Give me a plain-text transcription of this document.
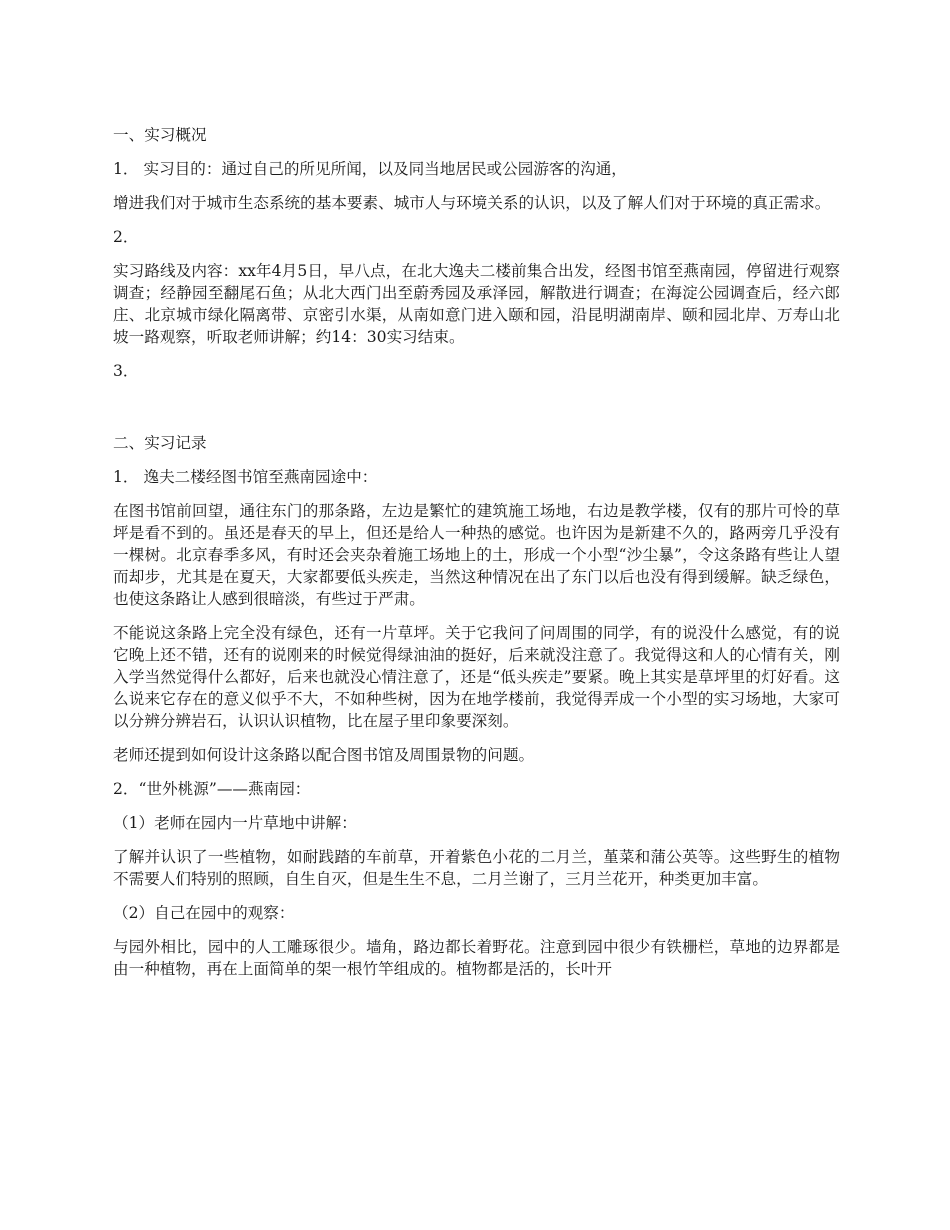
一、实习概况

1． 实习目的：通过自己的所见所闻，以及同当地居民或公园游客的沟通，

增进我们对于城市生态系统的基本要素、城市人与环境关系的认识，以及了解人们对于环境的真正需求。

2．

实习路线及内容：xx年4月5日，早八点，在北大逸夫二楼前集合出发，经图书馆至燕南园，停留进行观察调查；经静园至翻尾石鱼；从北大西门出至蔚秀园及承泽园，解散进行调查；在海淀公园调查后，经六郎庄、北京城市绿化隔离带、京密引水渠，从南如意门进入颐和园，沿昆明湖南岸、颐和园北岸、万寿山北坡一路观察，听取老师讲解；约14：30实习结束。

3．

二、实习记录

1． 逸夫二楼经图书馆至燕南园途中：

在图书馆前回望，通往东门的那条路，左边是繁忙的建筑施工场地，右边是教学楼，仅有的那片可怜的草坪是看不到的。虽还是春天的早上，但还是给人一种热的感觉。也许因为是新建不久的，路两旁几乎没有一棵树。北京春季多风，有时还会夹杂着施工场地上的土，形成一个小型“沙尘暴”，令这条路有些让人望而却步，尤其是在夏天，大家都要低头疾走，当然这种情况在出了东门以后也没有得到缓解。缺乏绿色，也使这条路让人感到很暗淡，有些过于严肃。

不能说这条路上完全没有绿色，还有一片草坪。关于它我问了问周围的同学，有的说没什么感觉，有的说它晚上还不错，还有的说刚来的时候觉得绿油油的挺好，后来就没注意了。我觉得这和人的心情有关，刚入学当然觉得什么都好，后来也就没心情注意了，还是“低头疾走”要紧。晚上其实是草坪里的灯好看。这么说来它存在的意义似乎不大，不如种些树，因为在地学楼前，我觉得弄成一个小型的实习场地，大家可以分辨分辨岩石，认识认识植物，比在屋子里印象要深刻。

老师还提到如何设计这条路以配合图书馆及周围景物的问题。

2．“世外桃源”——燕南园：

（1）老师在园内一片草地中讲解：

了解并认识了一些植物，如耐践踏的车前草，开着紫色小花的二月兰，堇菜和蒲公英等。这些野生的植物不需要人们特别的照顾，自生自灭，但是生生不息，二月兰谢了，三月兰花开，种类更加丰富。

（2）自己在园中的观察：

与园外相比，园中的人工雕琢很少。墙角，路边都长着野花。注意到园中很少有铁栅栏，草地的边界都是由一种植物，再在上面简单的架一根竹竿组成的。植物都是活的，长叶开
